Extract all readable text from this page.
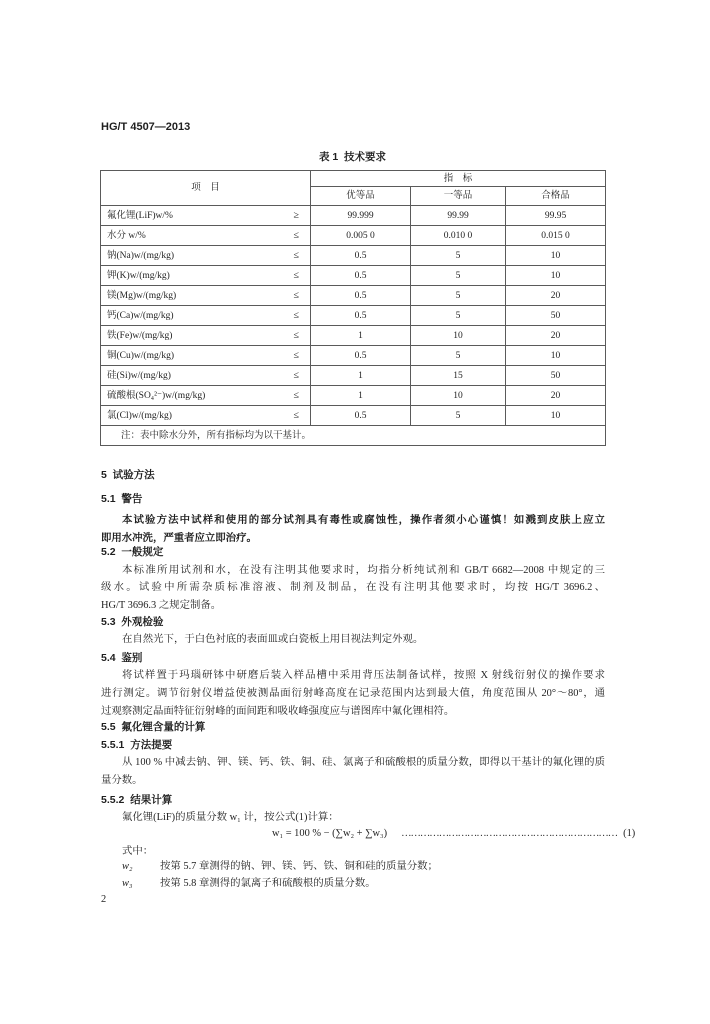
HG/T 4507—2013
表 1  技术要求
项    目		指    标		
		优等品	一等品	合格品
氟化锂(LiF)w/%	≥	99.999	99.99	99.95
水分 w/%	≤	0.005 0	0.010 0	0.015 0
钠(Na)w/(mg/kg)	≤	0.5	5	10
钾(K)w/(mg/kg)	≤	0.5	5	10
镁(Mg)w/(mg/kg)	≤	0.5	5	20
钙(Ca)w/(mg/kg)	≤	0.5	5	50
铁(Fe)w/(mg/kg)	≤	1	10	20
铜(Cu)w/(mg/kg)	≤	0.5	5	10
硅(Si)w/(mg/kg)	≤	1	15	50
硫酸根(SO₄²⁻)w/(mg/kg)	≤	1	10	20
氯(Cl)w/(mg/kg)	≤	0.5	5	10
注：表中除水分外，所有指标均为以干基计。				
5  试验方法
5.1  警告
本试验方法中试样和使用的部分试剂具有毒性或腐蚀性，操作者须小心谨慎！如溅到皮肤上应立
即用水冲洗，严重者应立即治疗。
5.2  一般规定
本标准所用试剂和水，在没有注明其他要求时，均指分析纯试剂和 GB/T 6682—2008 中规定的三
级水。试验中所需杂质标准溶液、制剂及制品，在没有注明其他要求时，均按 HG/T 3696.2、
HG/T 3696.3 之规定制备。
5.3  外观检验
在自然光下，于白色衬底的表面皿或白瓷板上用目视法判定外观。
5.4  鉴别
将试样置于玛瑙研钵中研磨后装入样品槽中采用背压法制备试样，按照 X 射线衍射仪的操作要求
进行测定。调节衍射仪增益使被测晶面衍射峰高度在记录范围内达到最大值，角度范围从 20°～80°，通
过观察测定晶面特征衍射峰的面间距和吸收峰强度应与谱图库中氟化锂相符。
5.5  氟化锂含量的计算
5.5.1  方法提要
从 100 % 中减去钠、钾、镁、钙、铁、铜、硅、氯离子和硫酸根的质量分数，即得以干基计的氟化锂的质
量分数。
5.5.2  结果计算
氟化锂(LiF)的质量分数 w₁ 计，按公式(1)计算：
w₁ = 100 % − (∑w₂ + ∑w₃) …………………………………………………………… (1)
式中：
w₂	按第 5.7 章测得的钠、钾、镁、钙、铁、铜和硅的质量分数；
w₃	按第 5.8 章测得的氯离子和硫酸根的质量分数。
2
